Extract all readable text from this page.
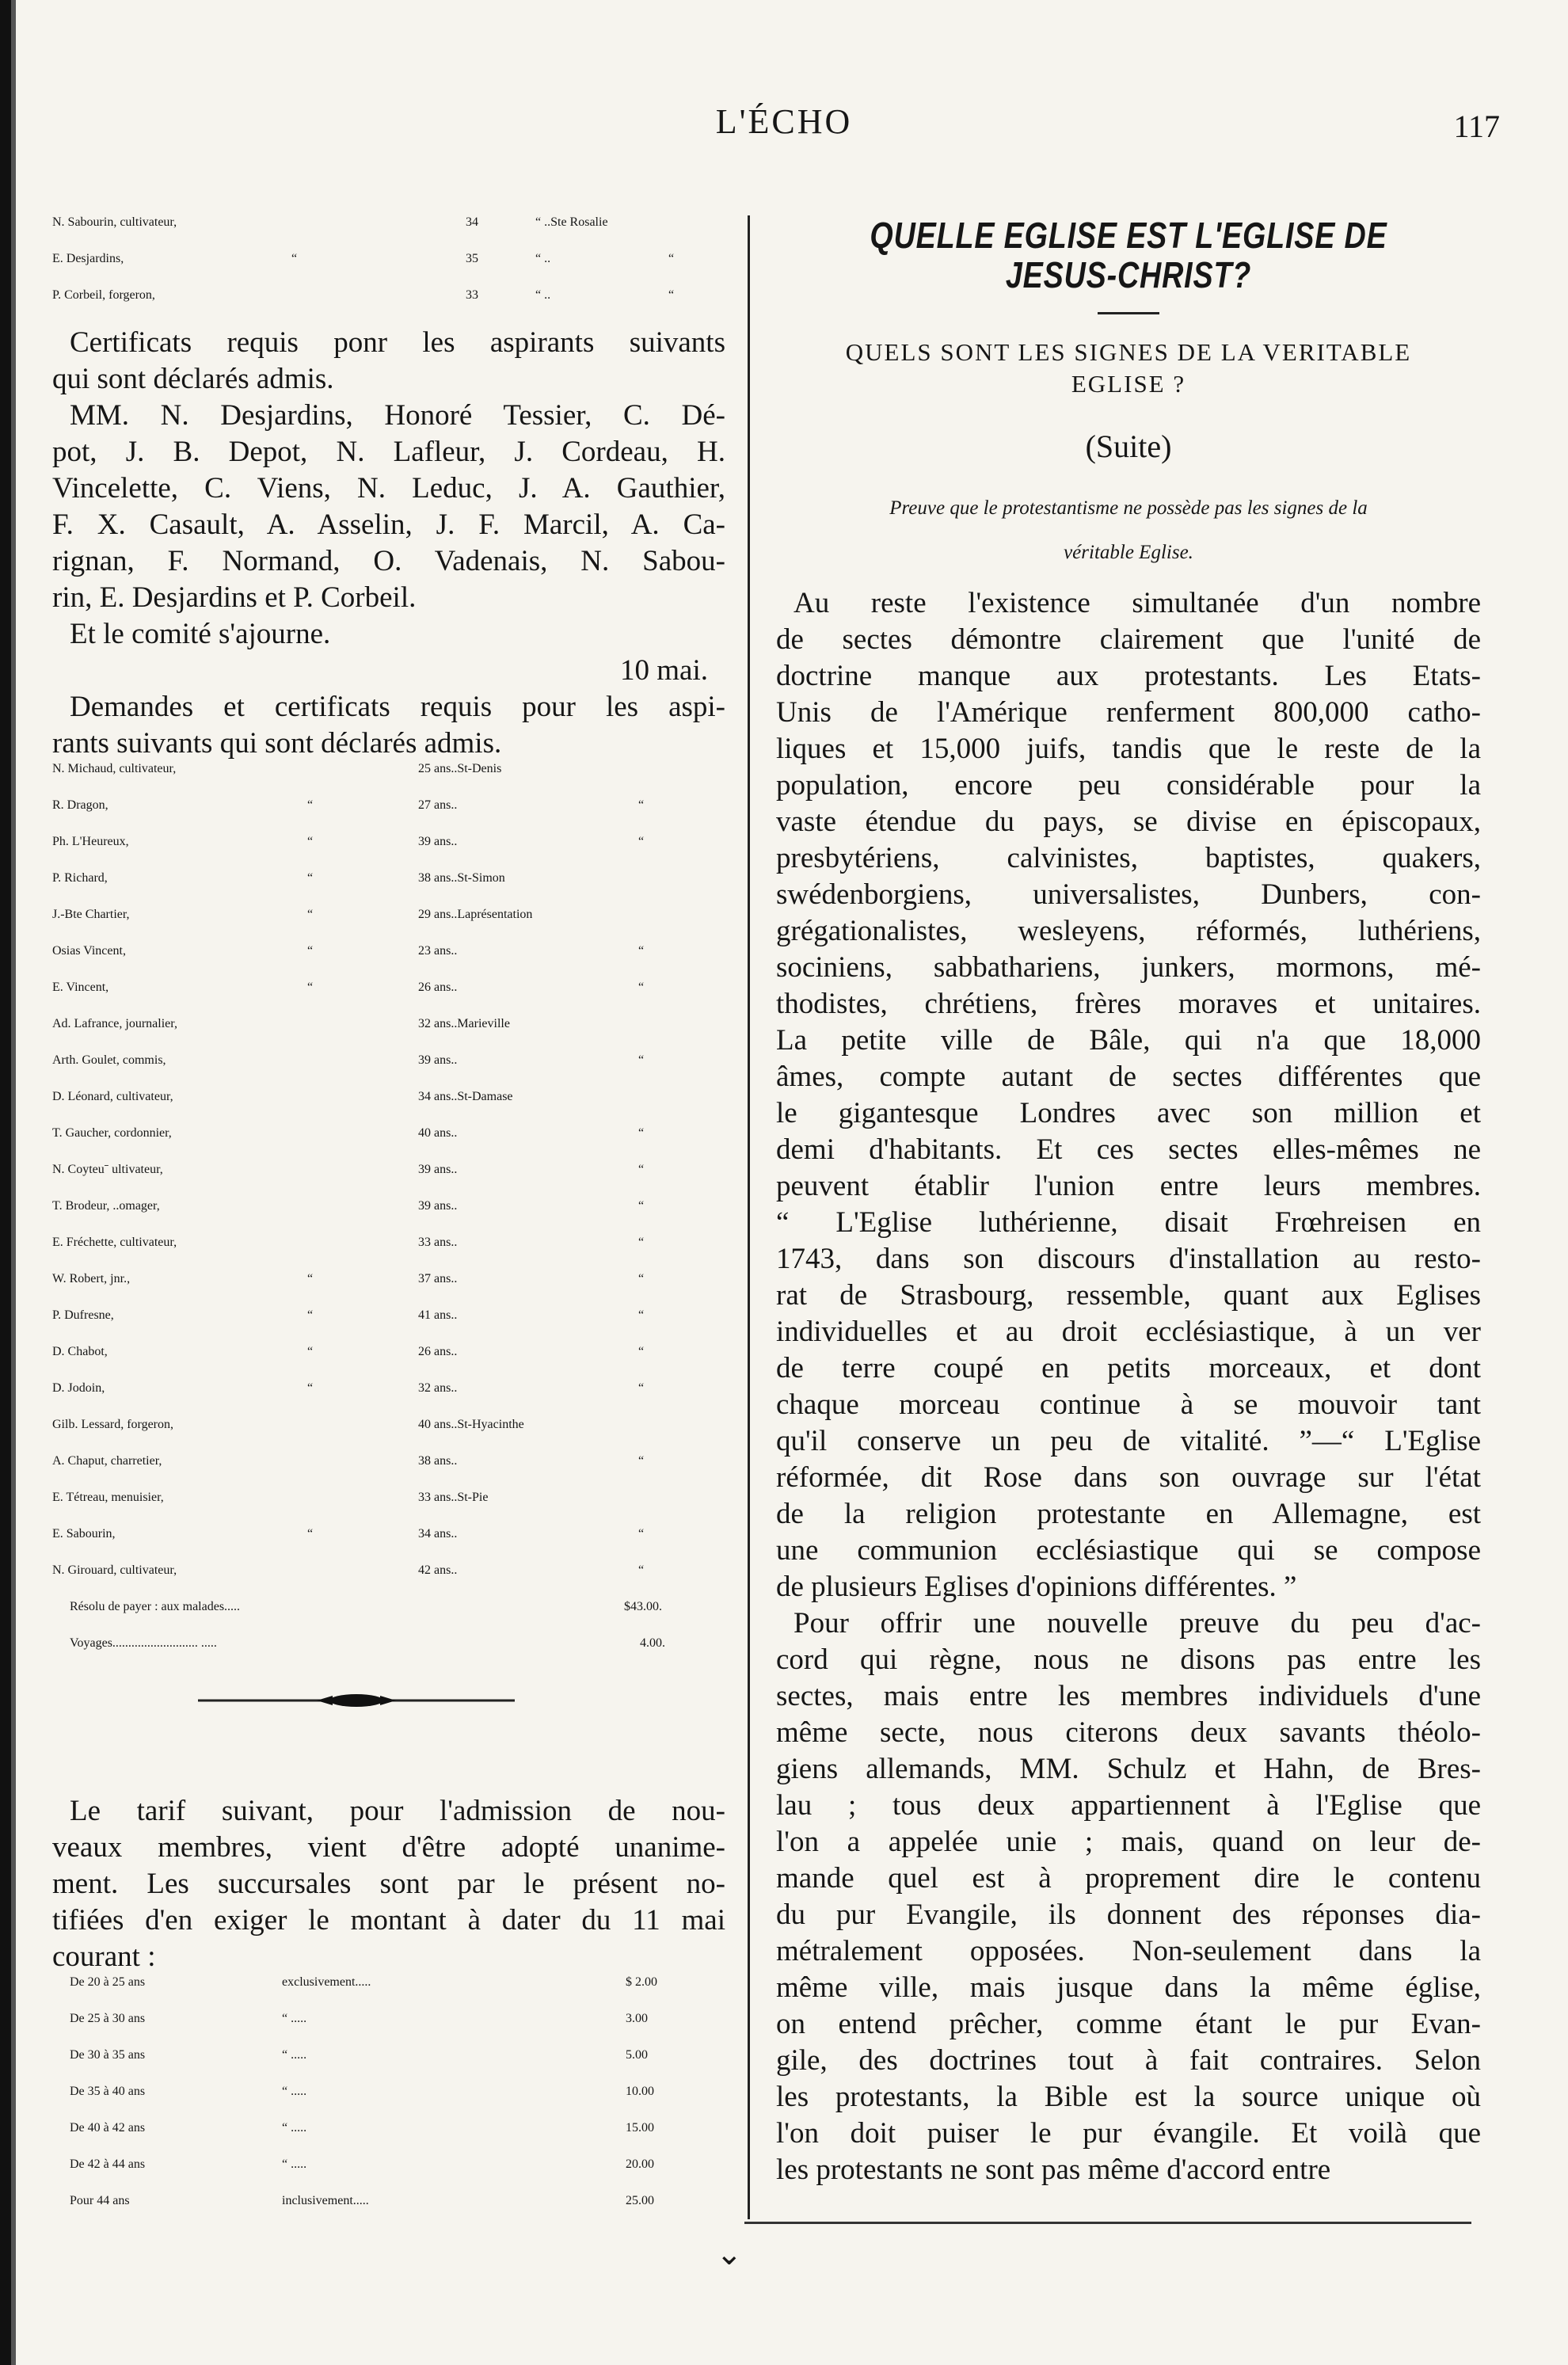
L'ÉCHO	117
N. Sabourin, cultivateur,	34	“ ..Ste Rosalie
E. Desjardins,	“	35	“ ..	“
P. Corbeil, forgeron,	33	“ ..	“
Certificats requis ponr les aspirants suivants
qui sont déclarés admis.
MM. N. Desjardins, Honoré Tessier, C. Dé-
pot, J. B. Depot, N. Lafleur, J. Cordeau, H.
Vincelette, C. Viens, N. Leduc, J. A. Gauthier,
F. X. Casault, A. Asselin, J. F. Marcil, A. Ca-
rignan, F. Normand, O. Vadenais, N. Sabou-
rin, E. Desjardins et P. Corbeil.
Et le comité s'ajourne.
10 mai.
Demandes et certificats requis pour les aspi-
rants suivants qui sont déclarés admis.
N. Michaud, cultivateur,	25 ans..St-Denis
R. Dragon,	“	27 ans..	“
Ph. L'Heureux,	“	39 ans..	“
P. Richard,	“	38 ans..St-Simon
J.-Bte Chartier,	“	29 ans..Laprésentation
Osias Vincent,	“	23 ans..	“
E. Vincent,	“	26 ans..	“
Ad. Lafrance, journalier,	32 ans..Marieville
Arth. Goulet, commis,	39 ans..	“
D. Léonard, cultivateur,	34 ans..St-Damase
T. Gaucher, cordonnier,	40 ans..	“
N. Coyteuˉ ultivateur,	39 ans..	“
T. Brodeur, ..omager,	39 ans..	“
E. Fréchette, cultivateur,	33 ans..	“
W. Robert, jnr.,	“	37 ans..	“
P. Dufresne,	“	41 ans..	“
D. Chabot,	“	26 ans..	“
D. Jodoin,	“	32 ans..	“
Gilb. Lessard, forgeron,	40 ans..St-Hyacinthe
A. Chaput, charretier,	38 ans..	“
E. Tétreau, menuisier,	33 ans..St-Pie
E. Sabourin,	“	34 ans..	“
N. Girouard, cultivateur,	42 ans..	“
Résolu de payer : aux malades.....	$43.00.
Voyages........................... .....	4.00.
Le tarif suivant, pour l'admission de nou-
veaux membres, vient d'être adopté unanime-
ment. Les succursales sont par le présent no-
tifiées d'en exiger le montant à dater du 11 mai
courant :
De 20 à 25 ans	exclusivement.....	$ 2.00
De 25 à 30 ans	“ .....	3.00
De 30 à 35 ans	“ .....	5.00
De 35 à 40 ans	“ .....	10.00
De 40 à 42 ans	“ .....	15.00
De 42 à 44 ans	“ .....	20.00
Pour 44 ans	inclusivement.....	25.00
QUELLE EGLISE EST L'EGLISE DE
JESUS-CHRIST?
QUELS SONT LES SIGNES DE LA VERITABLE
EGLISE ?
(Suite)
Preuve que le protestantisme ne possède pas les signes de la
véritable Eglise.
Au reste l'existence simultanée d'un nombre
de sectes démontre clairement que l'unité de
doctrine manque aux protestants. Les Etats-
Unis de l'Amérique renferment 800,000 catho-
liques et 15,000 juifs, tandis que le reste de la
population, encore peu considérable pour la
vaste étendue du pays, se divise en épiscopaux,
presbytériens, calvinistes, baptistes, quakers,
swédenborgiens, universalistes, Dunbers, con-
grégationalistes, wesleyens, réformés, luthériens,
sociniens, sabbathariens, junkers, mormons, mé-
thodistes, chrétiens, frères moraves et unitaires.
La petite ville de Bâle, qui n'a que 18,000
âmes, compte autant de sectes différentes que
le gigantesque Londres avec son million et
demi d'habitants. Et ces sectes elles-mêmes ne
peuvent établir l'union entre leurs membres.
“ L'Eglise luthérienne, disait Frœhreisen en
1743, dans son discours d'installation au resto-
rat de Strasbourg, ressemble, quant aux Eglises
individuelles et au droit ecclésiastique, à un ver
de terre coupé en petits morceaux, et dont
chaque morceau continue à se mouvoir tant
qu'il conserve un peu de vitalité. ”—“ L'Eglise
réformée, dit Rose dans son ouvrage sur l'état
de la religion protestante en Allemagne, est
une communion ecclésiastique qui se compose
de plusieurs Eglises d'opinions différentes. ”
Pour offrir une nouvelle preuve du peu d'ac-
cord qui règne, nous ne disons pas entre les
sectes, mais entre les membres individuels d'une
même secte, nous citerons deux savants théolo-
giens allemands, MM. Schulz et Hahn, de Bres-
lau ; tous deux appartiennent à l'Eglise que
l'on a appelée unie ; mais, quand on leur de-
mande quel est à proprement dire le contenu
du pur Evangile, ils donnent des réponses dia-
métralement opposées. Non-seulement dans la
même ville, mais jusque dans la même église,
on entend prêcher, comme étant le pur Evan-
gile, des doctrines tout à fait contraires. Selon
les protestants, la Bible est la source unique où
l'on doit puiser le pur évangile. Et voilà que
les protestants ne sont pas même d'accord entre
⌄
